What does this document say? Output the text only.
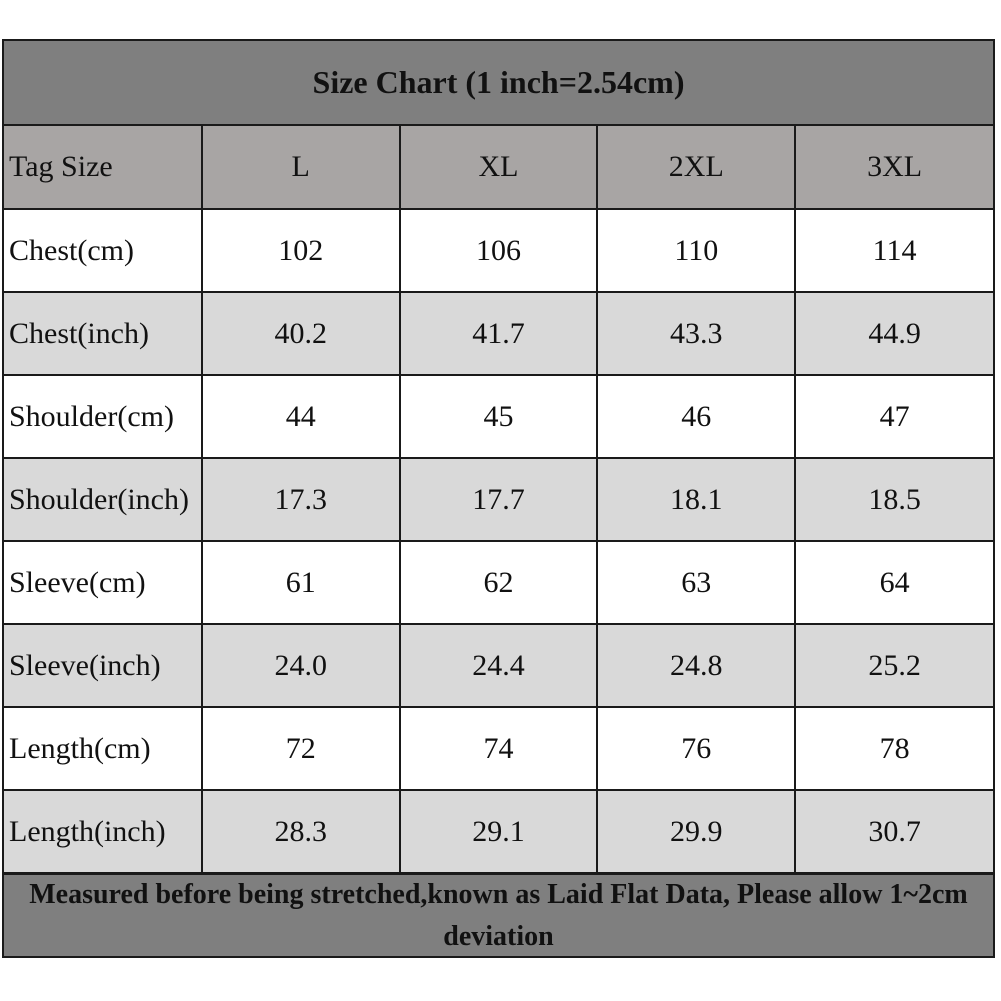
Size Chart (1 inch=2.54cm)
Tag Size	L	XL	2XL	3XL
Chest(cm)	102	106	110	114
Chest(inch)	40.2	41.7	43.3	44.9
Shoulder(cm)	44	45	46	47
Shoulder(inch)	17.3	17.7	18.1	18.5
Sleeve(cm)	61	62	63	64
Sleeve(inch)	24.0	24.4	24.8	25.2
Length(cm)	72	74	76	78
Length(inch)	28.3	29.1	29.9	30.7
Measured before being stretched,known as Laid Flat Data, Please allow 1~2cm deviation
